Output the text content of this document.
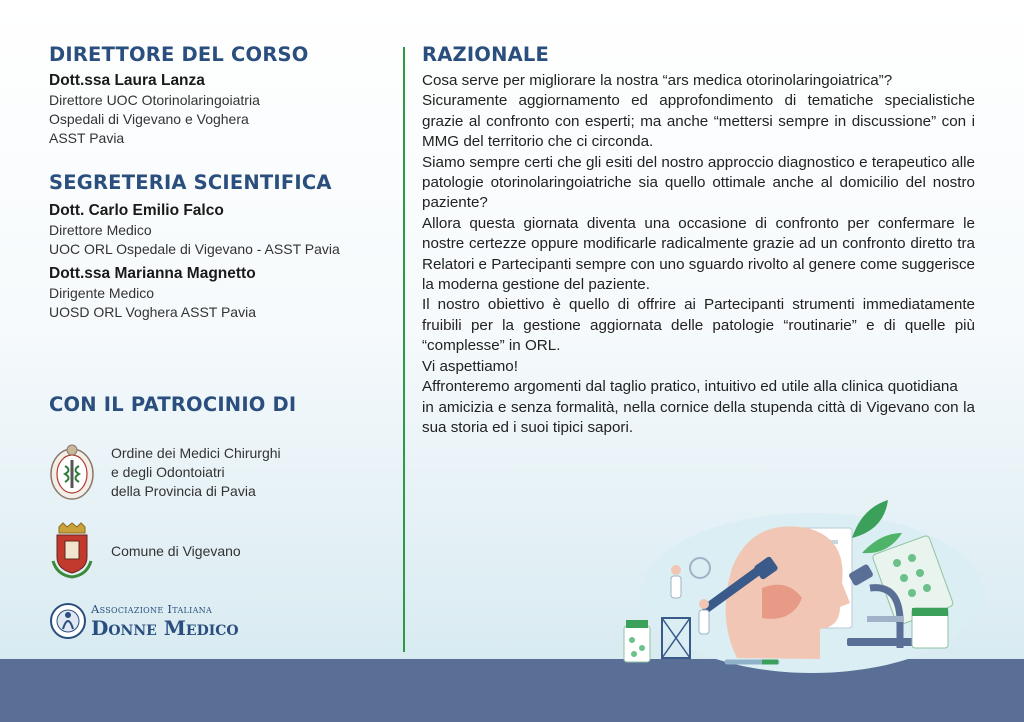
DIRETTORE DEL CORSO
Dott.ssa Laura Lanza
Direttore UOC Otorinolaringoiatria
Ospedali di Vigevano e Voghera
ASST Pavia
SEGRETERIA SCIENTIFICA
Dott. Carlo Emilio Falco
Direttore Medico
UOC ORL Ospedale di Vigevano - ASST Pavia
Dott.ssa Marianna Magnetto
Dirigente Medico
UOSD ORL Voghera ASST Pavia
CON IL PATROCINIO DI
Ordine dei Medici Chirurghi
e degli Odontoiatri
della Provincia di Pavia
Comune di Vigevano
Associazione Italiana
Donne Medico
RAZIONALE

Cosa serve per migliorare la nostra “ars medica otorinolaringoiatrica”?

Sicuramente aggiornamento ed approfondimento di tematiche specialistiche grazie al confronto con esperti; ma anche “mettersi sempre in discussione” con i MMG del territorio che ci circonda.

Siamo sempre certi che gli esiti del nostro approccio diagnostico e terapeutico alle patologie otorinolaringoiatriche sia quello ottimale anche al domicilio del nostro paziente?

Allora questa giornata diventa una occasione di confronto per confermare le nostre certezze oppure modificarle radicalmente grazie ad un confronto diretto tra Relatori e Partecipanti sempre con uno sguardo rivolto al genere come suggerisce la moderna gestione del paziente.

Il nostro obiettivo è quello di offrire ai Partecipanti strumenti immediatamente fruibili per la gestione aggiornata delle patologie “routinarie” e di quelle più “complesse” in ORL.

Vi aspettiamo!

Affronteremo argomenti dal taglio pratico, intuitivo ed utile alla clinica quotidiana

in amicizia e senza formalità, nella cornice della stupenda città di Vigevano con la sua storia ed i suoi tipici sapori.
